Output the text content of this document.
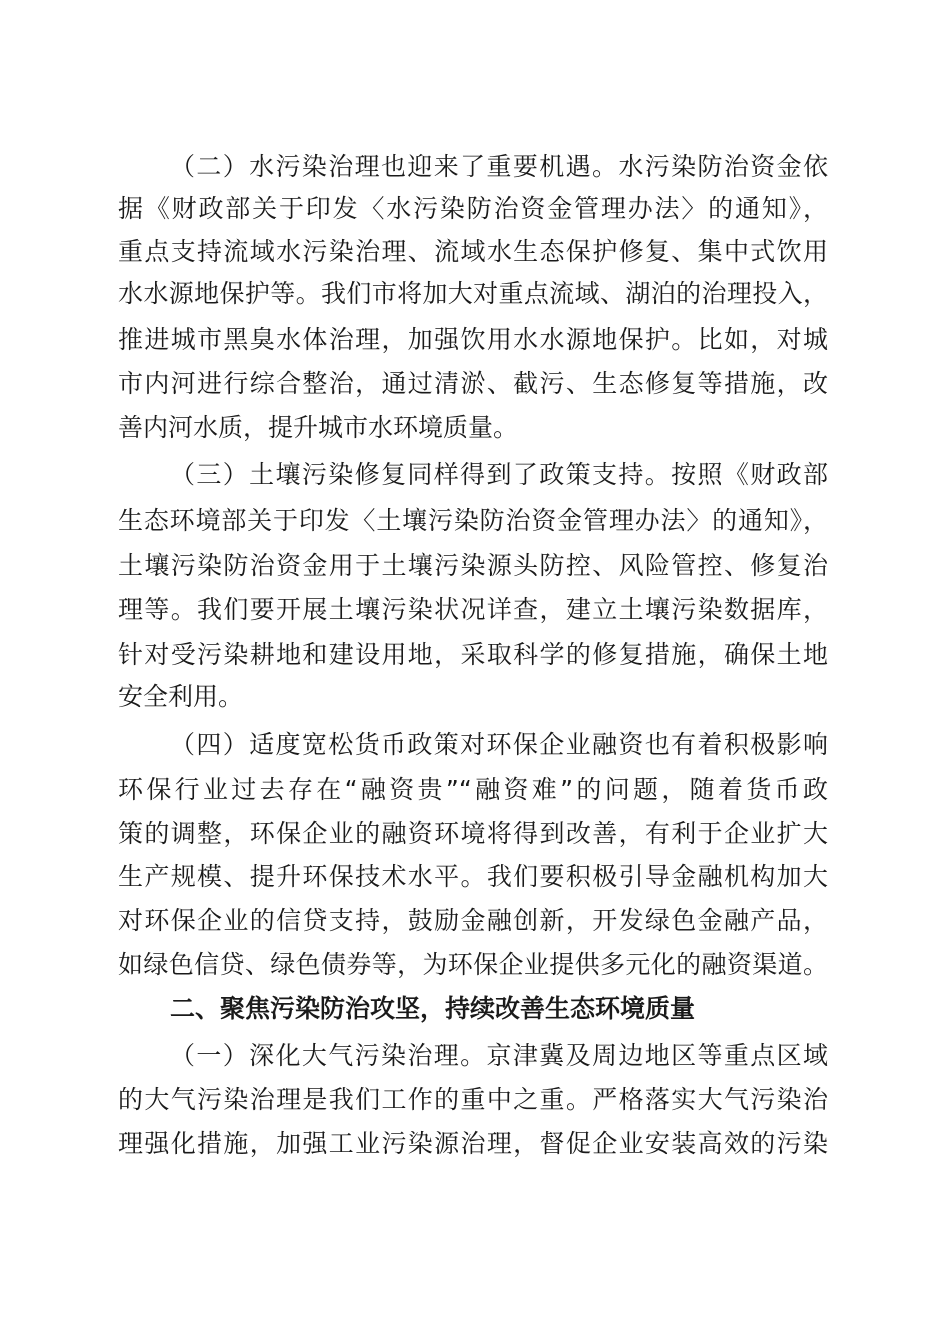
（二）水污染治理也迎来了重要机遇。水污染防治资金依
据《财政部关于印发〈水污染防治资金管理办法〉的通知》，
重点支持流域水污染治理、流域水生态保护修复、集中式饮用
水水源地保护等。我们市将加大对重点流域、湖泊的治理投入，
推进城市黑臭水体治理，加强饮用水水源地保护。比如，对城
市内河进行综合整治，通过清淤、截污、生态修复等措施，改
善内河水质，提升城市水环境质量。
（三）土壤污染修复同样得到了政策支持。按照《财政部
生态环境部关于印发〈土壤污染防治资金管理办法〉的通知》，
土壤污染防治资金用于土壤污染源头防控、风险管控、修复治
理等。我们要开展土壤污染状况详查，建立土壤污染数据库，
针对受污染耕地和建设用地，采取科学的修复措施，确保土地
安全利用。
（四）适度宽松货币政策对环保企业融资也有着积极影响
环保行业过去存在“融资贵”“融资难”的问题，随着货币政
策的调整，环保企业的融资环境将得到改善，有利于企业扩大
生产规模、提升环保技术水平。我们要积极引导金融机构加大
对环保企业的信贷支持，鼓励金融创新，开发绿色金融产品，
如绿色信贷、绿色债券等，为环保企业提供多元化的融资渠道。
二、聚焦污染防治攻坚，持续改善生态环境质量
（一）深化大气污染治理。京津冀及周边地区等重点区域
的大气污染治理是我们工作的重中之重。严格落实大气污染治
理强化措施，加强工业污染源治理，督促企业安装高效的污染
